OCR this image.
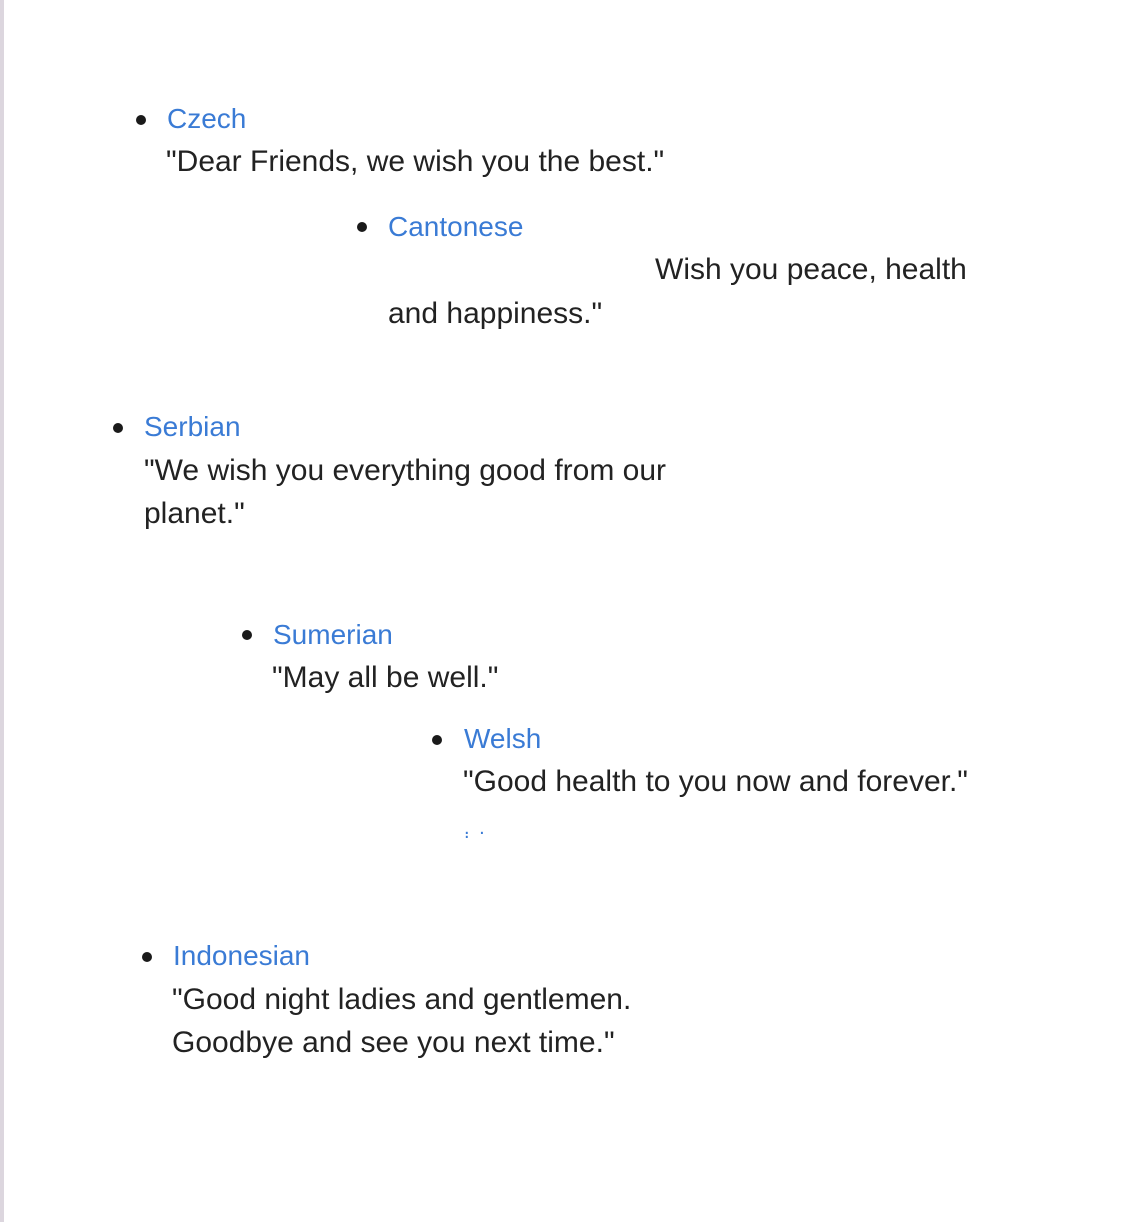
Czech
"Dear Friends, we wish you the best."
Cantonese
Wish you peace, health
and happiness."
Serbian
"We wish you everything good from our
planet."
Sumerian
"May all be well."
Welsh
"Good health to you now and forever."
. . .
Indonesian
"Good night ladies and gentlemen.
Goodbye and see you next time."
